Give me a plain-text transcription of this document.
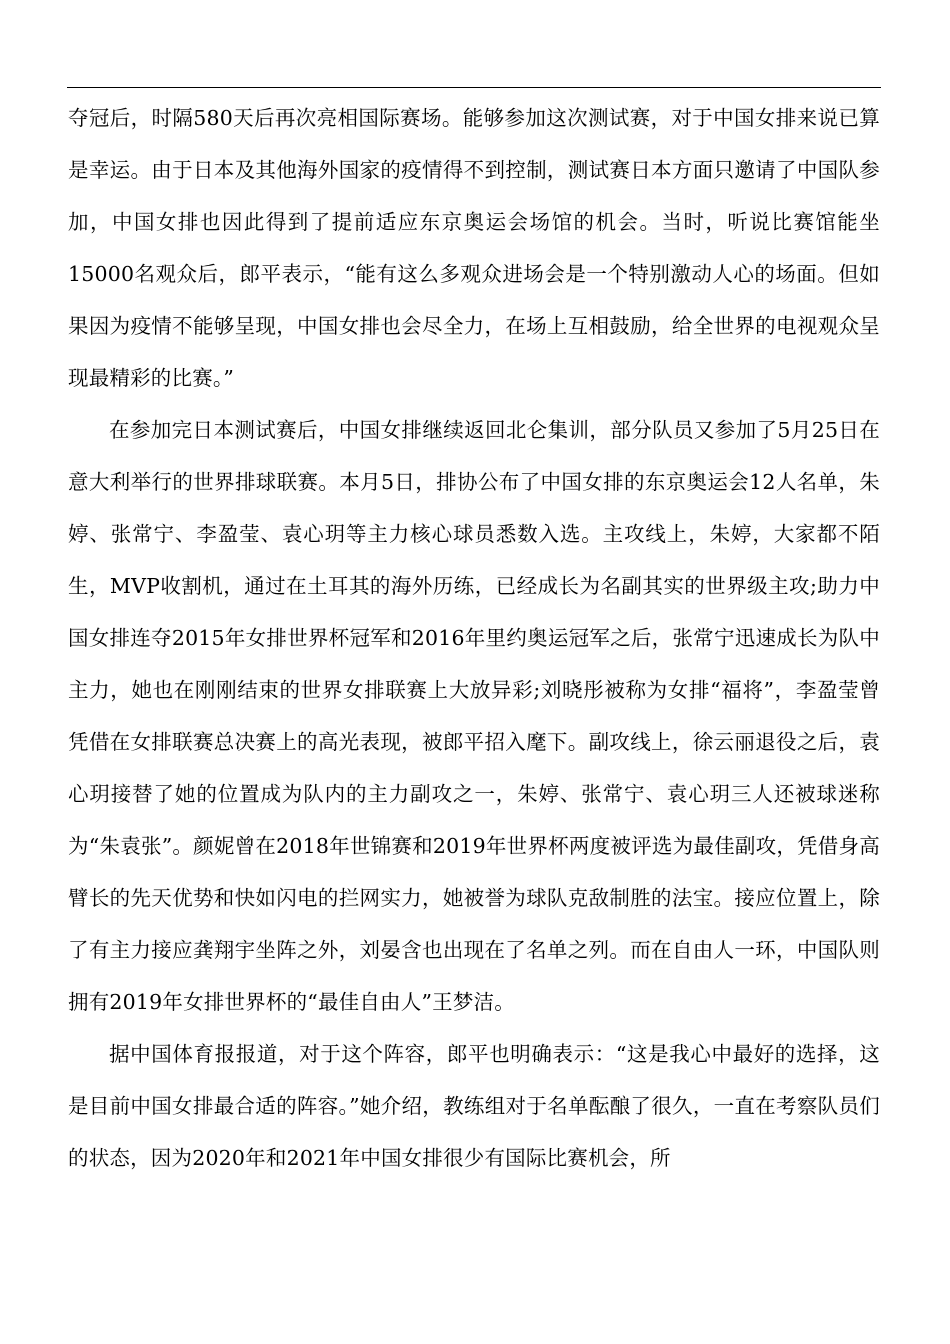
夺冠后，时隔580天后再次亮相国际赛场。能够参加这次测试赛，对于中国女排来说已算是幸运。由于日本及其他海外国家的疫情得不到控制，测试赛日本方面只邀请了中国队参加，中国女排也因此得到了提前适应东京奥运会场馆的机会。当时，听说比赛馆能坐15000名观众后，郎平表示，“能有这么多观众进场会是一个特别激动人心的场面。但如果因为疫情不能够呈现，中国女排也会尽全力，在场上互相鼓励，给全世界的电视观众呈现最精彩的比赛。”

在参加完日本测试赛后，中国女排继续返回北仑集训，部分队员又参加了5月25日在意大利举行的世界排球联赛。本月5日，排协公布了中国女排的东京奥运会12人名单，朱婷、张常宁、李盈莹、袁心玥等主力核心球员悉数入选。主攻线上，朱婷，大家都不陌生，MVP收割机，通过在土耳其的海外历练，已经成长为名副其实的世界级主攻;助力中国女排连夺2015年女排世界杯冠军和2016年里约奥运冠军之后，张常宁迅速成长为队中主力，她也在刚刚结束的世界女排联赛上大放异彩;刘晓彤被称为女排“福将”，李盈莹曾凭借在女排联赛总决赛上的高光表现，被郎平招入麾下。副攻线上，徐云丽退役之后，袁心玥接替了她的位置成为队内的主力副攻之一，朱婷、张常宁、袁心玥三人还被球迷称为“朱袁张”。颜妮曾在2018年世锦赛和2019年世界杯两度被评选为最佳副攻，凭借身高臂长的先天优势和快如闪电的拦网实力，她被誉为球队克敌制胜的法宝。接应位置上，除了有主力接应龚翔宇坐阵之外，刘晏含也出现在了名单之列。而在自由人一环，中国队则拥有2019年女排世界杯的“最佳自由人”王梦洁。

据中国体育报报道，对于这个阵容，郎平也明确表示：“这是我心中最好的选择，这是目前中国女排最合适的阵容。”她介绍，教练组对于名单酝酿了很久，一直在考察队员们的状态，因为2020年和2021年中国女排很少有国际比赛机会，所
